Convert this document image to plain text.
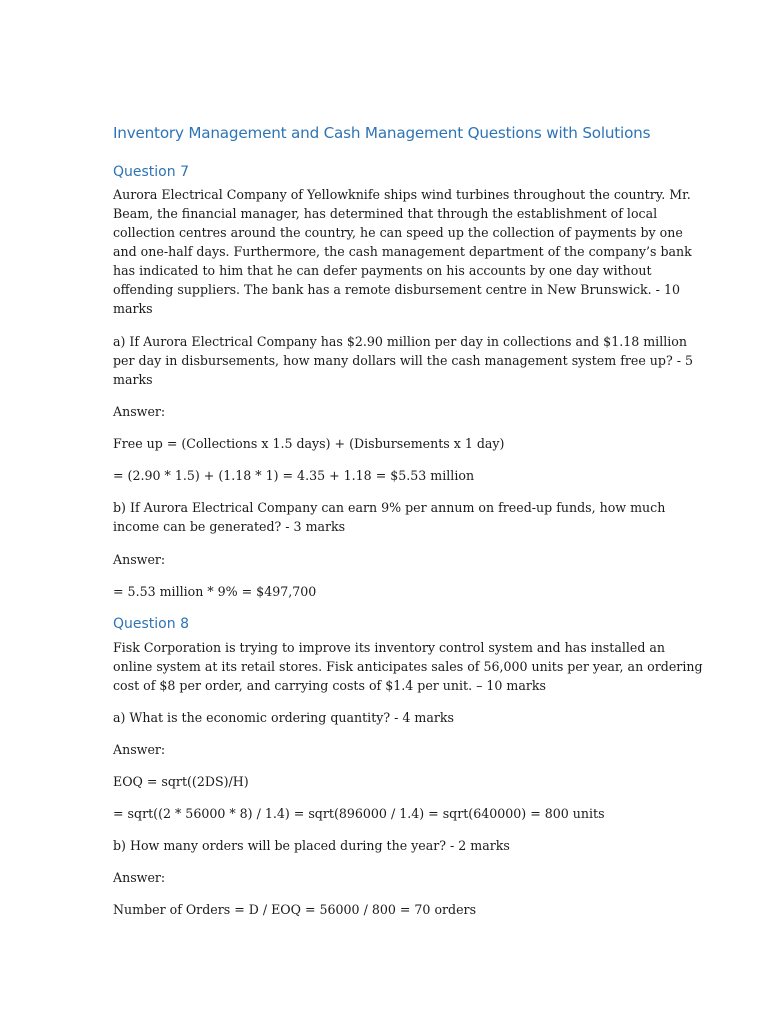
Inventory Management and Cash Management Questions with Solutions
Question 7

Aurora Electrical Company of Yellowknife ships wind turbines throughout the country. Mr.
Beam, the financial manager, has determined that through the establishment of local
collection centres around the country, he can speed up the collection of payments by one
and one-half days. Furthermore, the cash management department of the company’s bank
has indicated to him that he can defer payments on his accounts by one day without
offending suppliers. The bank has a remote disbursement centre in New Brunswick. - 10
marks

a) If Aurora Electrical Company has $2.90 million per day in collections and $1.18 million
per day in disbursements, how many dollars will the cash management system free up? - 5
marks

Answer:

Free up = (Collections x 1.5 days) + (Disbursements x 1 day)

= (2.90 * 1.5) + (1.18 * 1) = 4.35 + 1.18 = $5.53 million

b) If Aurora Electrical Company can earn 9% per annum on freed-up funds, how much
income can be generated? - 3 marks

Answer:

= 5.53 million * 9% = $497,700

Question 8

Fisk Corporation is trying to improve its inventory control system and has installed an
online system at its retail stores. Fisk anticipates sales of 56,000 units per year, an ordering
cost of $8 per order, and carrying costs of $1.4 per unit. – 10 marks

a) What is the economic ordering quantity? - 4 marks

Answer:

EOQ = sqrt((2DS)/H)

= sqrt((2 * 56000 * 8) / 1.4) = sqrt(896000 / 1.4) = sqrt(640000) = 800 units

b) How many orders will be placed during the year? - 2 marks

Answer:

Number of Orders = D / EOQ = 56000 / 800 = 70 orders
